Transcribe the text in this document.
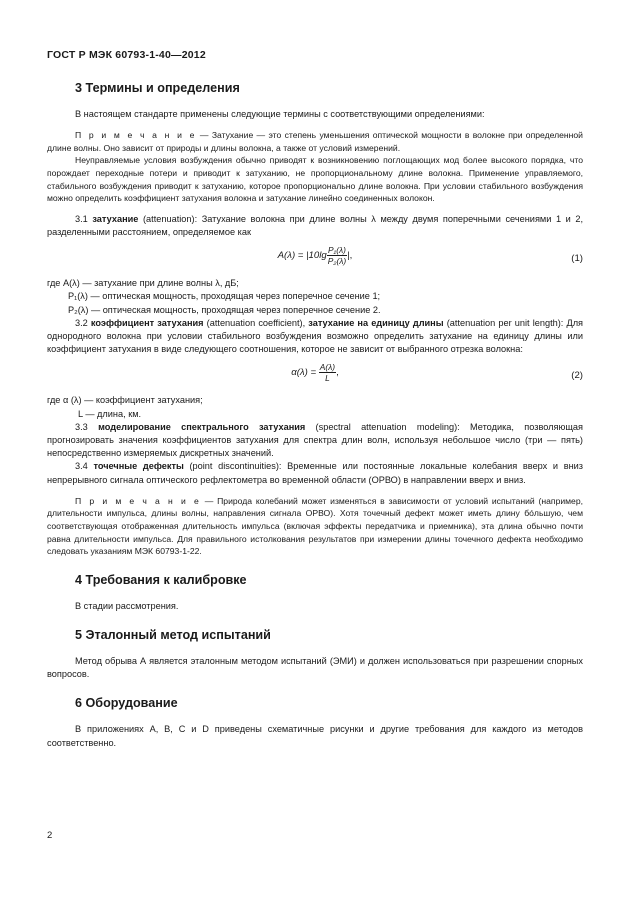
ГОСТ Р МЭК 60793-1-40—2012
3 Термины и определения

В настоящем стандарте применены следующие термины с соответствующими определениями:

П р и м е ч а н и е — Затухание — это степень уменьшения оптической мощности в волокне при определенной длине волны. Оно зависит от природы и длины волокна, а также от условий измерений.

Неуправляемые условия возбуждения обычно приводят к возникновению поглощающих мод более высокого порядка, что порождает переходные потери и приводит к затуханию, не пропорциональному длине волокна. Применение управляемого, стабильного возбуждения приводит к затуханию, которое пропорционально длине волокна. При условии стабильного возбуждения можно определить коэффициент затухания волокна и затухание линейно соединенных волокон.

3.1 затухание (attenuation): Затухание волокна при длине волны λ между двумя поперечными сечениями 1 и 2, разделенными расстоянием, определяемое как

$A(\lambda) = |10\lg \frac{\text{P₁(λ)}}{\text{P₂(λ)}}$ |,	(1)
где A(λ) — затухание при длине волны λ, дБ;
P₁(λ) — оптическая мощность, проходящая через поперечное сечение 1;
P₂(λ) — оптическая мощность, проходящая через поперечное сечение 2.

3.2 коэффициент затухания (attenuation coefficient), затухание на единицу длины (attenuation per unit length): Для однородного волокна при условии стабильного возбуждения возможно определить затухание на единицу длины или коэффициент затухания в виде следующего соотношения, которое не зависит от выбранного отрезка волокна:

$\alpha(\lambda) = \frac{A(\lambda)}{L}$ ,	(2)
где α (λ) — коэффициент затухания;
L — длина, км.

3.3 моделирование спектрального затухания (spectral attenuation modeling): Методика, позволяющая прогнозировать значения коэффициентов затухания для спектра длин волн, используя небольшое число (три — пять) непосредственно измеряемых дискретных значений.

3.4 точечные дефекты (point discontinuities): Временные или постоянные локальные колебания вверх и вниз непрерывного сигнала оптического рефлектометра во временной области (ОРВО) в направлении вверх и вниз.

П р и м е ч а н и е — Природа колебаний может изменяться в зависимости от условий испытаний (например, длительности импульса, длины волны, направления сигнала ОРВО). Хотя точечный дефект может иметь длину бóльшую, чем соответствующая отображенная длительность импульса (включая эффекты передатчика и приемника), эта длина обычно почти равна длительности импульса. Для правильного истолкования результатов при измерении длины точечного дефекта необходимо следовать указаниям МЭК 60793-1-22.

4 Требования к калибровке

В стадии рассмотрения.

5 Эталонный метод испытаний

Метод обрыва А является эталонным методом испытаний (ЭМИ) и должен использоваться при разрешении спорных вопросов.

6 Оборудование

В приложениях А, В, С и D приведены схематичные рисунки и другие требования для каждого из методов соответственно.

2
